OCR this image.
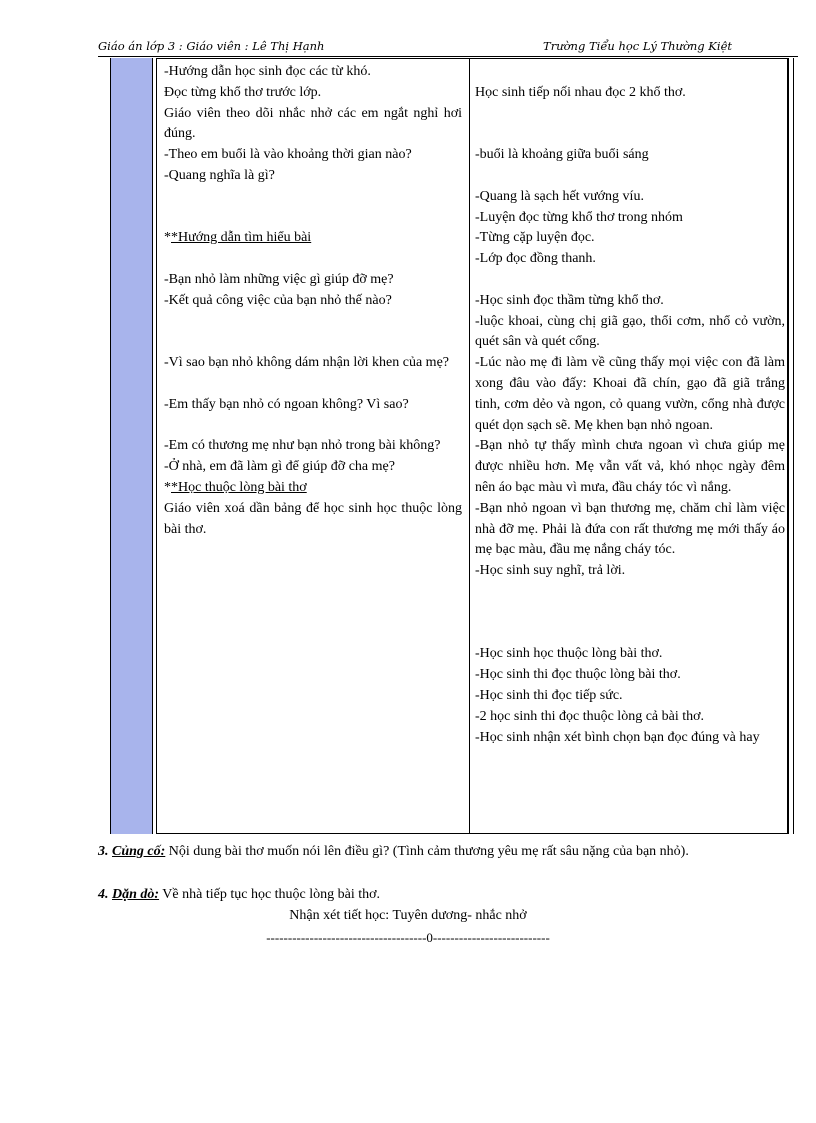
Giáo án lớp 3 : Giáo viên : Lê Thị Hạnh	Trường Tiểu học Lý Thường Kiệt

-Hướng dẫn học sinh đọc các từ khó.

Đọc từng khổ thơ trước lớp.

Giáo viên theo dõi nhắc nhở các em ngắt nghỉ hơi đúng.

-Theo em buổi là vào khoảng thời gian nào?

-Quang nghĩa là gì?

**Hướng dẫn tìm hiểu bài

-Bạn nhỏ làm những việc gì giúp đỡ mẹ?

-Kết quả công việc của bạn nhỏ thế nào?

-Vì sao bạn nhỏ không dám nhận lời khen của mẹ?

-Em thấy bạn nhỏ có ngoan không? Vì sao?

-Em có thương mẹ như bạn nhỏ trong bài không?

-Ở nhà, em đã làm gì để giúp đỡ cha mẹ?

**Học thuộc lòng bài thơ

Giáo viên xoá dần bảng để học sinh học thuộc lòng bài thơ.

Học sinh tiếp nối nhau đọc 2 khổ thơ.

-buổi là khoảng giữa buổi sáng

-Quang là sạch hết vướng víu.

-Luyện đọc từng khổ thơ trong nhóm

-Từng cặp luyện đọc.

-Lớp đọc đồng thanh.

-Học sinh đọc thầm từng khổ thơ.

-luộc khoai, cùng chị giã gạo, thổi cơm, nhổ cỏ vườn, quét sân và quét cổng.

-Lúc nào mẹ đi làm về cũng thấy mọi việc con đã làm xong đâu vào đấy: Khoai đã chín, gạo đã giã trắng tinh, cơm dẻo và ngon, cỏ quang vườn, cổng nhà được quét dọn sạch sẽ. Mẹ khen bạn nhỏ ngoan.

-Bạn nhỏ tự thấy mình chưa ngoan vì chưa giúp mẹ được nhiều hơn. Mẹ vẫn vất vả, khó nhọc ngày đêm nên áo bạc màu vì mưa, đầu cháy tóc vì nắng.

-Bạn nhỏ ngoan vì bạn thương mẹ, chăm chỉ làm việc nhà đỡ mẹ. Phải là đứa con rất thương mẹ mới thấy áo mẹ bạc màu, đầu mẹ nắng cháy tóc.

-Học sinh suy nghĩ, trả lời.

-Học sinh học thuộc lòng bài thơ.

-Học sinh thi đọc thuộc lòng bài thơ.

-Học sinh thi đọc tiếp sức.

-2 học sinh thi đọc thuộc lòng cả bài thơ.

-Học sinh nhận xét bình chọn bạn đọc đúng và hay

3. Củng cố: Nội dung bài thơ muốn nói lên điều gì? (Tình cảm thương yêu mẹ rất sâu nặng của bạn nhỏ).
4. Dặn dò: Về nhà tiếp tục học thuộc lòng bài thơ.
Nhận xét tiết học: Tuyên dương- nhắc nhở
-------------------------------------0---------------------------
